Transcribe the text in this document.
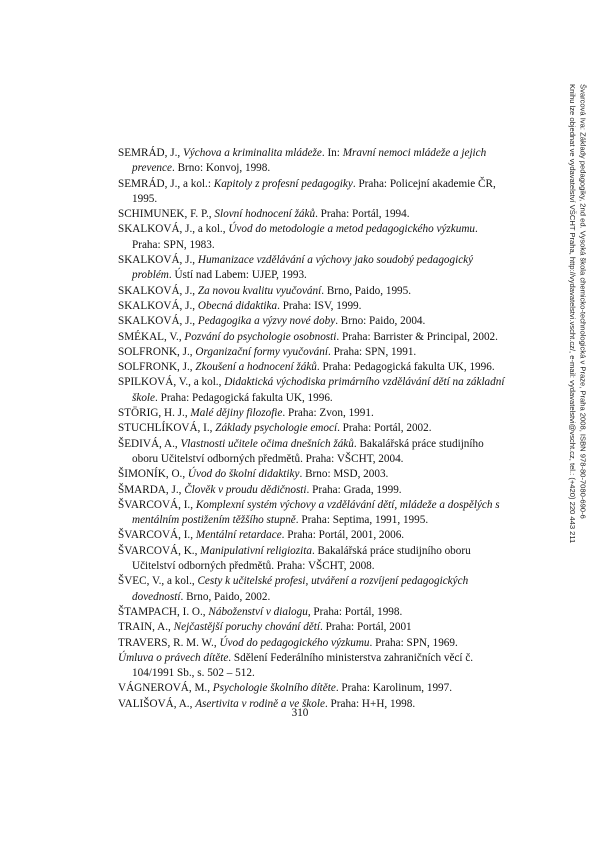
Švarcová Iva: Základy pedagogiky, 2nd ed. Vysoká škola chemicko-technologická v Praze, Praha 2008, ISBN 978-80-7080-690-6
Knihu lze objednat ve vydavatelství VŠCHT Praha, http://vydavatelstvi.vscht.cz/, e-mail: vydavatelstvi@vscht.cz, tel.: (+420) 220 443 211

SEMRÁD, J., Výchova a kriminalita mládeže. In: Mravní nemoci mládeže a jejich prevence. Brno: Konvoj, 1998.

SEMRÁD, J., a kol.: Kapitoly z profesní pedagogiky. Praha: Policejní akademie ČR, 1995.

SCHIMUNEK, F. P., Slovní hodnocení žáků. Praha: Portál, 1994.

SKALKOVÁ, J., a kol., Úvod do metodologie a metod pedagogického výzkumu. Praha: SPN, 1983.

SKALKOVÁ, J., Humanizace vzdělávání a výchovy jako soudobý pedagogický problém. Ústí nad Labem: UJEP, 1993.

SKALKOVÁ, J., Za novou kvalitu vyučování. Brno, Paido, 1995.

SKALKOVÁ, J., Obecná didaktika. Praha: ISV, 1999.

SKALKOVÁ, J., Pedagogika a výzvy nové doby. Brno: Paido, 2004.

SMÉKAL, V., Pozvání do psychologie osobnosti. Praha: Barrister & Principal, 2002.

SOLFRONK, J., Organizační formy vyučování. Praha: SPN, 1991.

SOLFRONK, J., Zkoušení a hodnocení žáků. Praha: Pedagogická fakulta UK, 1996.

SPILKOVÁ, V., a kol., Didaktická východiska primárního vzdělávání dětí na základní škole. Praha: Pedagogická fakulta UK, 1996.

STÖRIG, H. J., Malé dějiny filozofie. Praha: Zvon, 1991.

STUCHLÍKOVÁ, I., Základy psychologie emocí. Praha: Portál, 2002.

ŠEDIVÁ, A., Vlastnosti učitele očima dnešních žáků. Bakalářská práce studijního oboru Učitelství odborných předmětů. Praha: VŠCHT, 2004.

ŠIMONÍK, O., Úvod do školní didaktiky. Brno: MSD, 2003.

ŠMARDA, J., Člověk v proudu dědičnosti. Praha: Grada, 1999.

ŠVARCOVÁ, I., Komplexní systém výchovy a vzdělávání dětí, mládeže a dospělých s mentálním postižením těžšího stupně. Praha: Septima, 1991, 1995.

ŠVARCOVÁ, I., Mentální retardace. Praha: Portál, 2001, 2006.

ŠVARCOVÁ, K., Manipulativní religiozita. Bakalářská práce studijního oboru Učitelství odborných předmětů. Praha: VŠCHT, 2008.

ŠVEC, V., a kol., Cesty k učitelské profesi, utváření a rozvíjení pedagogických dovedností. Brno, Paido, 2002.

ŠTAMPACH, I. O., Náboženství v dialogu, Praha: Portál, 1998.

TRAIN, A., Nejčastější poruchy chování dětí. Praha: Portál, 2001

TRAVERS, R. M. W., Úvod do pedagogického výzkumu. Praha: SPN, 1969.

Úmluva o právech dítěte. Sdělení Federálního ministerstva zahraničních věcí č. 104/1991 Sb., s. 502 – 512.

VÁGNEROVÁ, M., Psychologie školního dítěte. Praha: Karolinum, 1997.

VALIŠOVÁ, A., Asertivita v rodině a ve škole. Praha: H+H, 1998.

310
